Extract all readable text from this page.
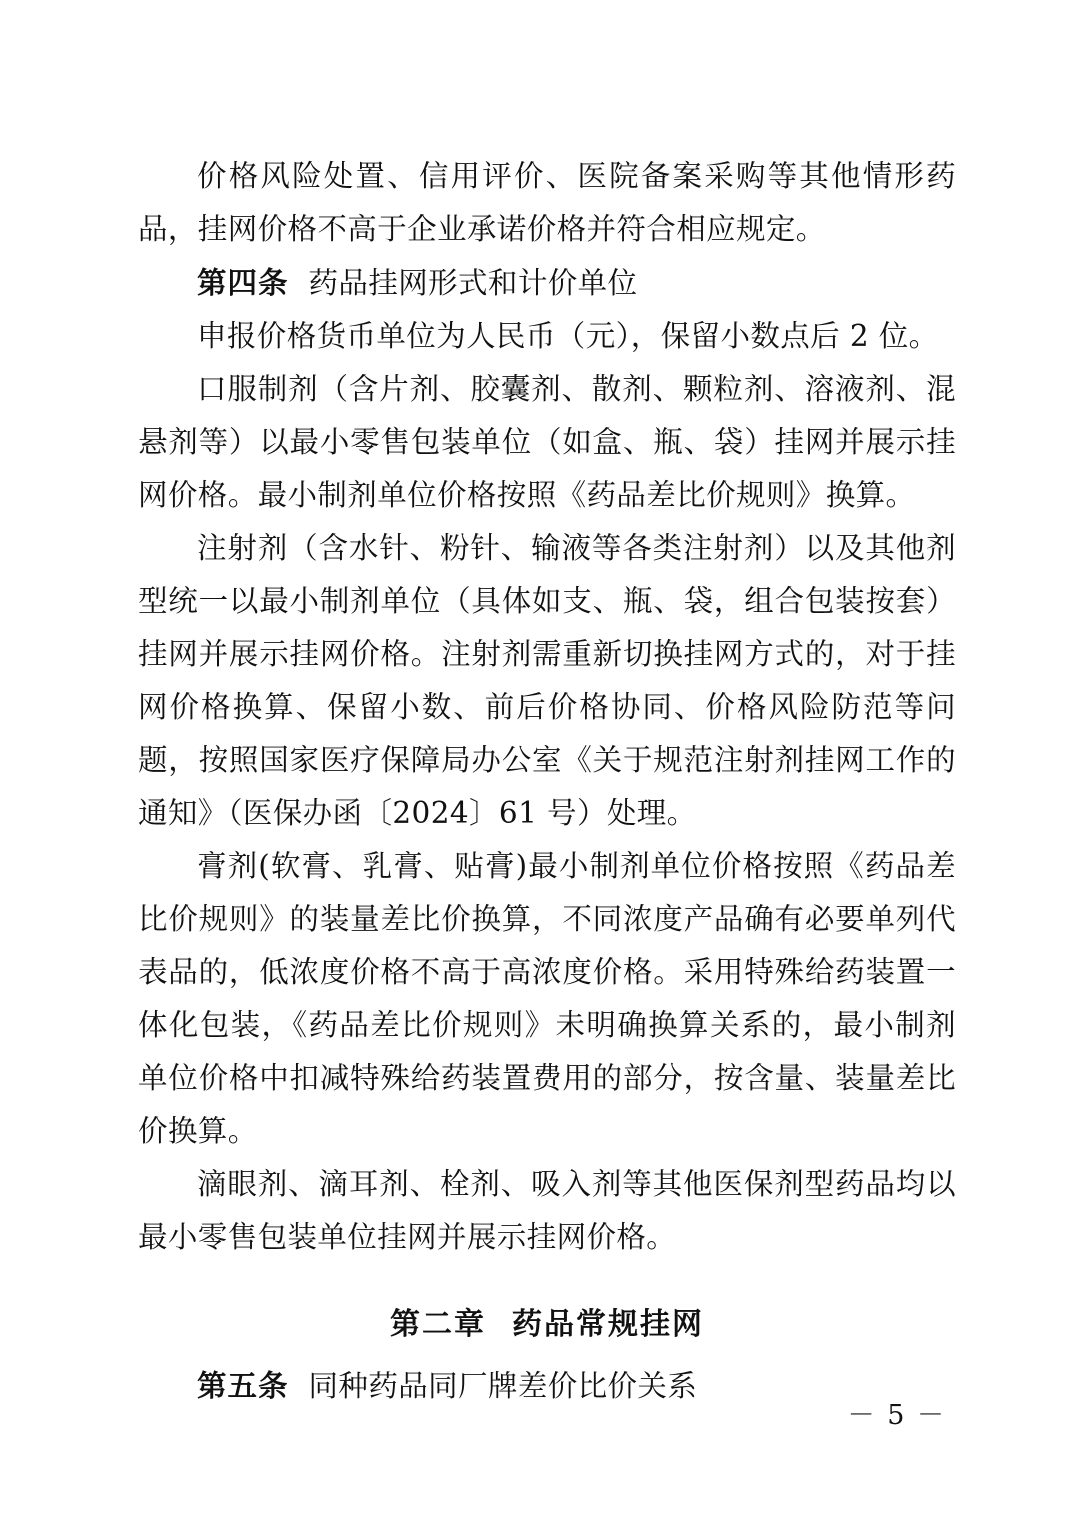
价格风险处置、信用评价、医院备案采购等其他情形药品，挂网价格不高于企业承诺价格并符合相应规定。

第四条 药品挂网形式和计价单位

申报价格货币单位为人民币（元），保留小数点后 2 位。

口服制剂（含片剂、胶囊剂、散剂、颗粒剂、溶液剂、混悬剂等）以最小零售包装单位（如盒、瓶、袋）挂网并展示挂网价格。最小制剂单位价格按照《药品差比价规则》换算。

注射剂（含水针、粉针、输液等各类注射剂）以及其他剂型统一以最小制剂单位（具体如支、瓶、袋，组合包装按套）挂网并展示挂网价格。注射剂需重新切换挂网方式的，对于挂网价格换算、保留小数、前后价格协同、价格风险防范等问题，按照国家医疗保障局办公室《关于规范注射剂挂网工作的通知》（医保办函〔2024〕61 号）处理。

膏剂(软膏、乳膏、贴膏)最小制剂单位价格按照《药品差比价规则》的装量差比价换算，不同浓度产品确有必要单列代表品的，低浓度价格不高于高浓度价格。采用特殊给药装置一体化包装，《药品差比价规则》未明确换算关系的，最小制剂单位价格中扣减特殊给药装置费用的部分，按含量、装量差比价换算。

滴眼剂、滴耳剂、栓剂、吸入剂等其他医保剂型药品均以最小零售包装单位挂网并展示挂网价格。

第二章 药品常规挂网

第五条 同种药品同厂牌差价比价关系

－ 5 －
